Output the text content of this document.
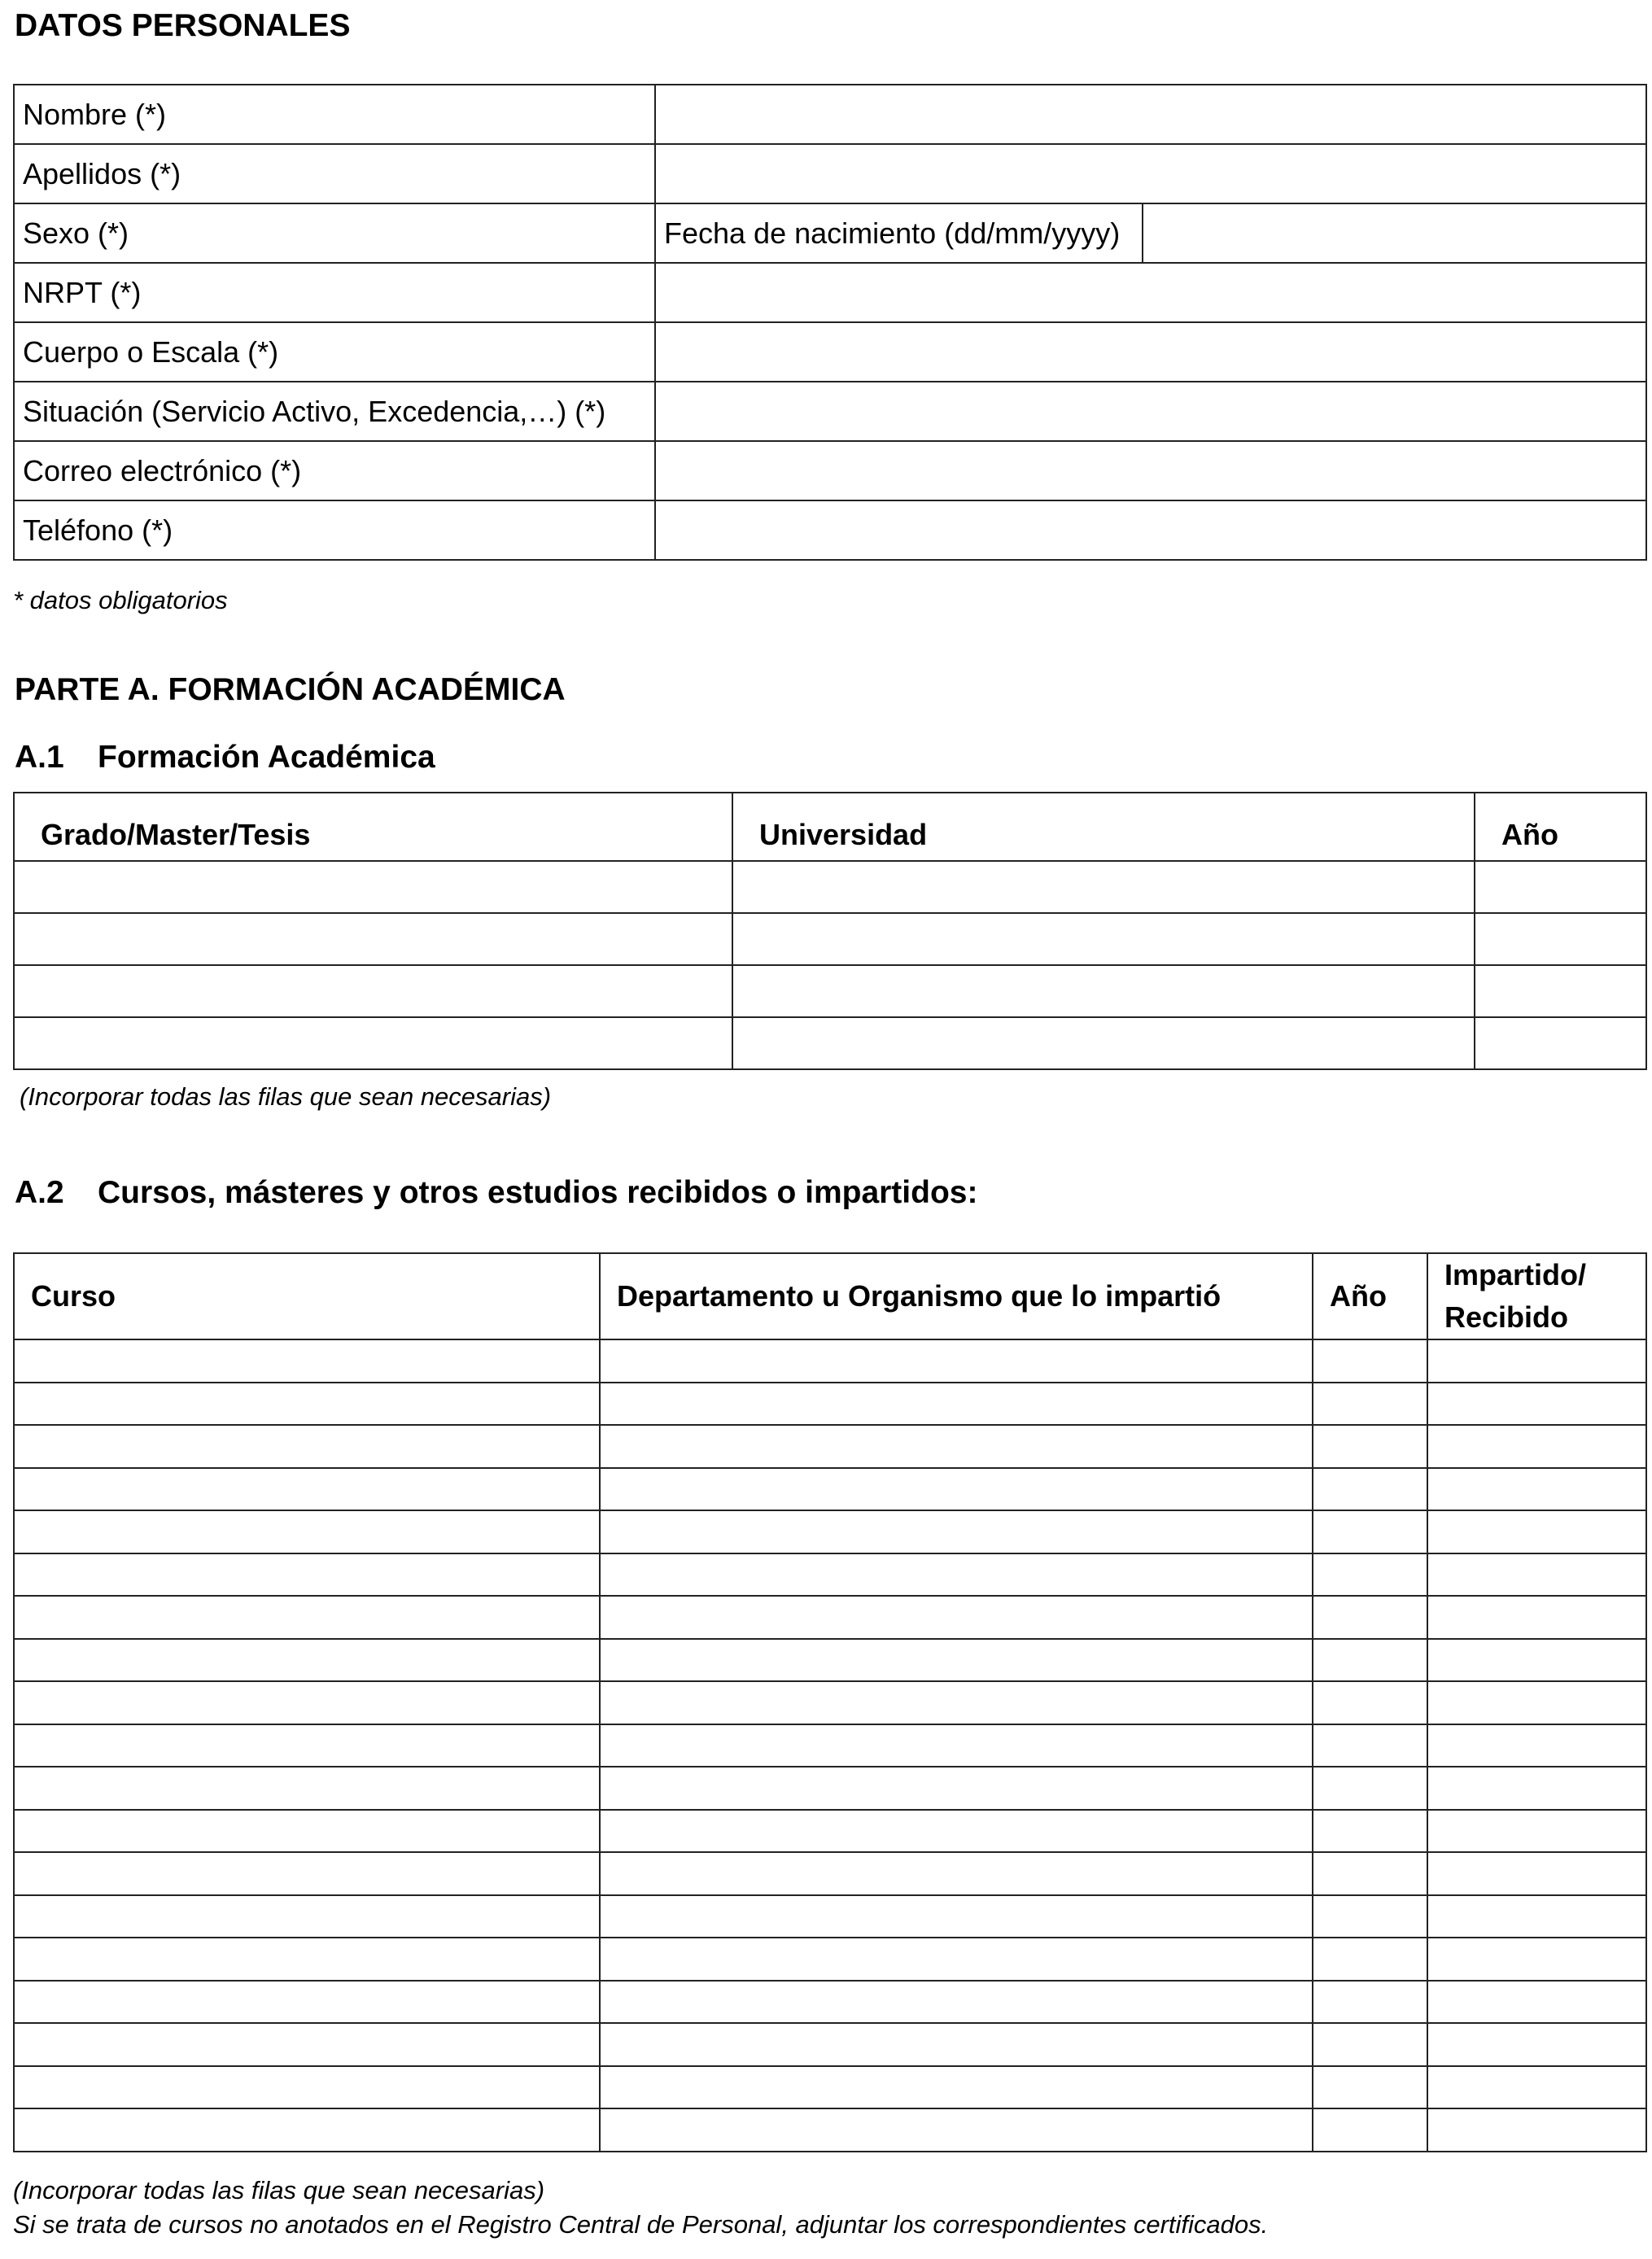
DATOS PERSONALES
Nombre (*)		
Apellidos (*)		
Sexo (*)	Fecha de nacimiento (dd/mm/yyyy)	
NRPT (*)		
Cuerpo o Escala (*)		
Situación (Servicio Activo, Excedencia,…) (*)		
Correo electrónico (*)		
Teléfono (*)		
* datos obligatorios
PARTE A. FORMACIÓN ACADÉMICA
A.1 Formación Académica
Grado/Master/Tesis	Universidad	Año

(Incorporar todas las filas que sean necesarias)
A.2 Cursos, másteres y otros estudios recibidos o impartidos:
Curso	Departamento u Organismo que lo impartió	Año	Impartido/
Recibido

(Incorporar todas las filas que sean necesarias)
Si se trata de cursos no anotados en el Registro Central de Personal, adjuntar los correspondientes certificados.
